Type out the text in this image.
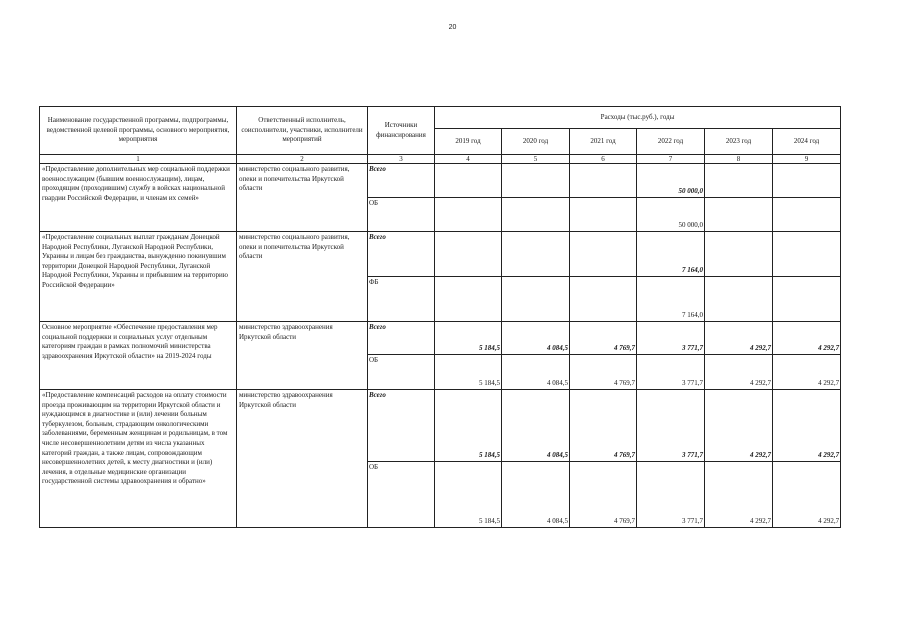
20
Наименование государственной программы, подпрограммы, ведомственной целевой программы, основного мероприятия, мероприятия	Ответственный исполнитель, соисполнители, участники, исполнители мероприятий	Источники финансирования	Расходы (тыс.руб.), годы					
			2019 год	2020 год	2021 год	2022 год	2023 год	2024 год
1	2	3	4	5	6	7	8	9
«Предоставление дополнительных мер социальной поддержки военнослужащим (бывшим военнослужащим), лицам, проходящим (проходившим) службу в войсках национальной гвардии Российской Федерации, и членам их семей»	министерство социального развития, опеки и попечительства Иркутской области	Всего				50 000,0		
		ОБ				50 000,0		
«Предоставление социальных выплат гражданам Донецкой Народной Республики, Луганской Народной Республики, Украины и лицам без гражданства, вынужденно покинувшим территории Донецкой Народной Республики, Луганской Народной Республики, Украины и прибывшим на территорию Российской Федерации»	министерство социального развития, опеки и попечительства Иркутской области	Всего				7 164,0		
		ФБ				7 164,0		
Основное мероприятие «Обеспечение предоставления мер социальной поддержки и социальных услуг отдельным категориям граждан в рамках полномочий министерства здравоохранения Иркутской области» на 2019-2024 годы	министерство здравоохранения Иркутской области	Всего	5 184,5	4 084,5	4 769,7	3 771,7	4 292,7	4 292,7
		ОБ	5 184,5	4 084,5	4 769,7	3 771,7	4 292,7	4 292,7
«Предоставление компенсаций расходов на оплату стоимости проезда проживающим на территории Иркутской области и нуждающимся в диагностике и (или) лечении больным туберкулезом, больным, страдающим онкологическими заболеваниями, беременным женщинам и родильницам, в том числе несовершеннолетним детям из числа указанных категорий граждан, а также лицам, сопровождающим несовершеннолетних детей, к месту диагностики и (или) лечения, в отдельные медицинские организации государственной системы здравоохранения и обратно»	министерство здравоохранения Иркутской области	Всего	5 184,5	4 084,5	4 769,7	3 771,7	4 292,7	4 292,7
		ОБ	5 184,5	4 084,5	4 769,7	3 771,7	4 292,7	4 292,7
